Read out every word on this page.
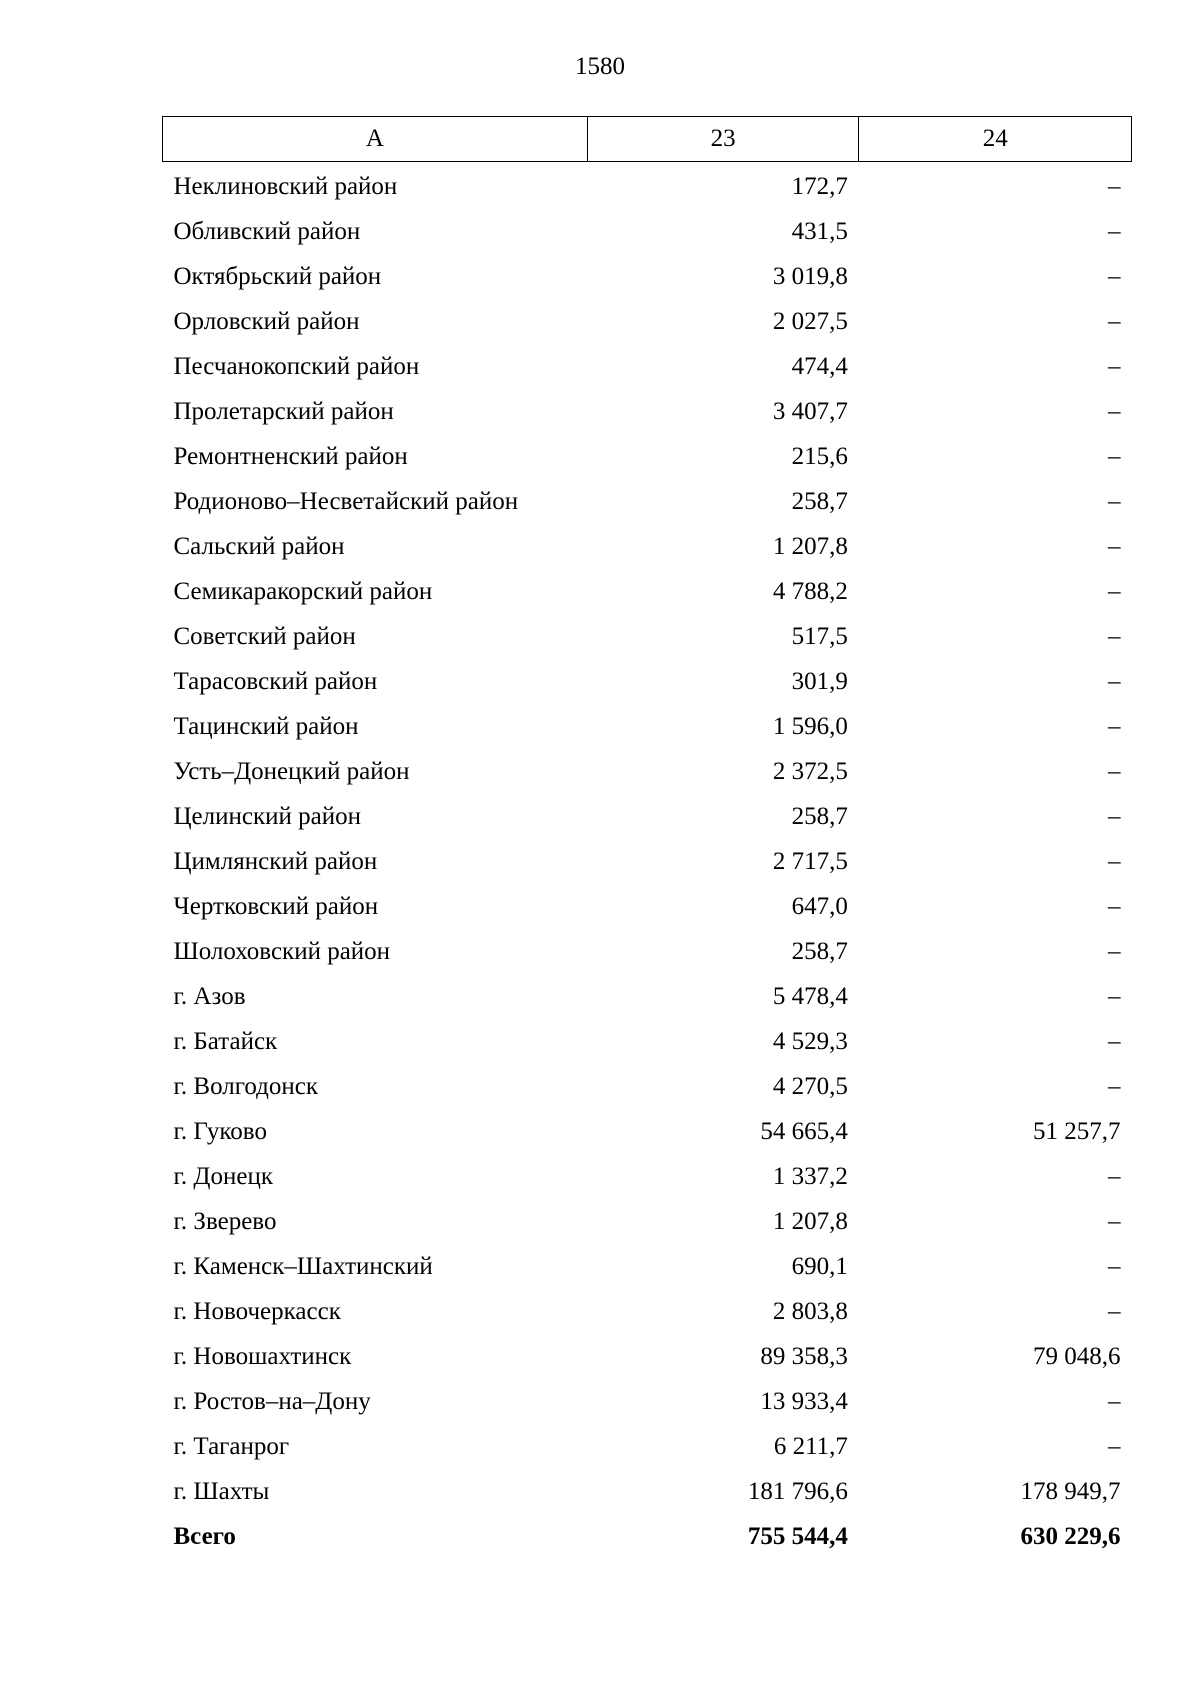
1580
А	23	24
Неклиновский район	172,7	–
Обливский район	431,5	–
Октябрьский район	3 019,8	–
Орловский район	2 027,5	–
Песчанокопский район	474,4	–
Пролетарский район	3 407,7	–
Ремонтненский район	215,6	–
Родионово–Несветайский район	258,7	–
Сальский район	1 207,8	–
Семикаракорский район	4 788,2	–
Советский район	517,5	–
Тарасовский район	301,9	–
Тацинский район	1 596,0	–
Усть–Донецкий район	2 372,5	–
Целинский район	258,7	–
Цимлянский район	2 717,5	–
Чертковский район	647,0	–
Шолоховский район	258,7	–
г. Азов	5 478,4	–
г. Батайск	4 529,3	–
г. Волгодонск	4 270,5	–
г. Гуково	54 665,4	51 257,7
г. Донецк	1 337,2	–
г. Зверево	1 207,8	–
г. Каменск–Шахтинский	690,1	–
г. Новочеркасск	2 803,8	–
г. Новошахтинск	89 358,3	79 048,6
г. Ростов–на–Дону	13 933,4	–
г. Таганрог	6 211,7	–
г. Шахты	181 796,6	178 949,7
Всего	755 544,4	630 229,6
